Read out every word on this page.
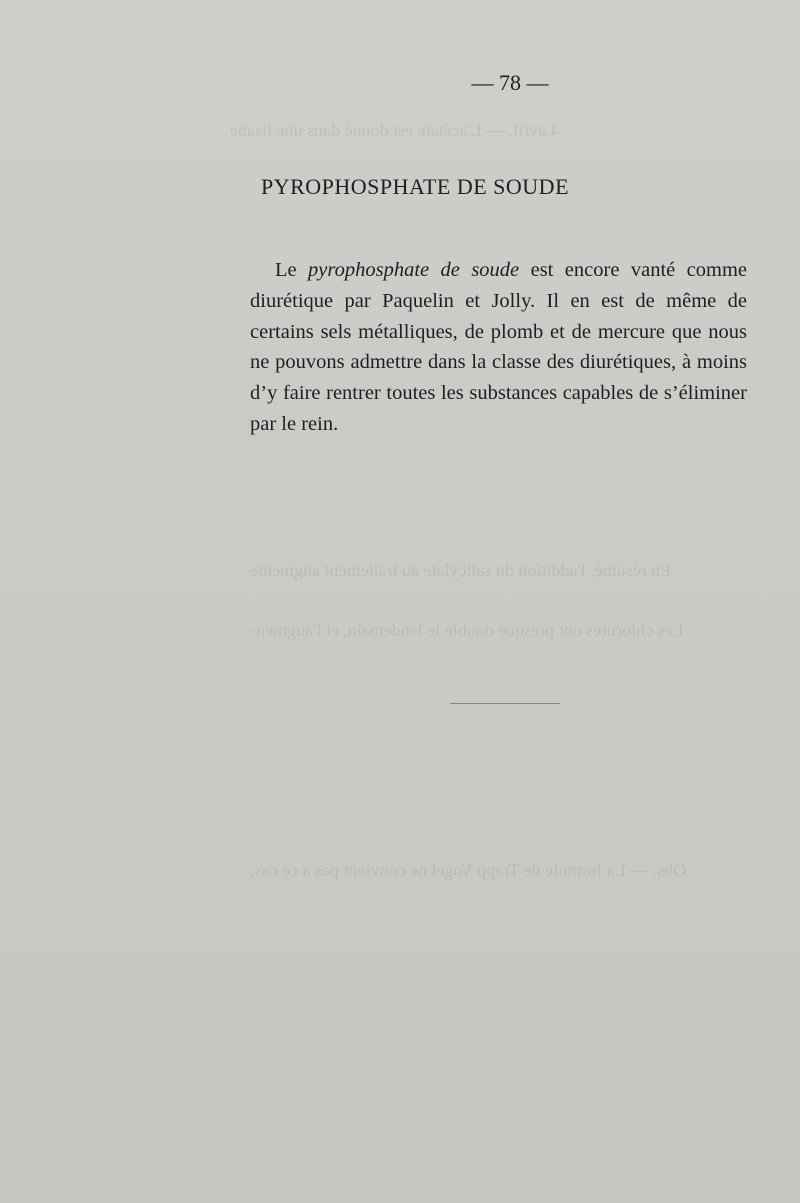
4 avril. — L'acétate est donné dans une tisane
En résumé, l'addition du salicylate au traitement augmente
Les chlorures ont presque doublé le lendemain, et l'augmen-
Obs. — La formule de Trapp Vogel ne convient pas à ce cas,
— 78 —
PYROPHOSPHATE DE SOUDE

Le pyrophosphate de soude est encore vanté comme diurétique par Paquelin et Jolly. Il en est de même de certains sels métalliques, de plomb et de mercure que nous ne pouvons admettre dans la classe des diurétiques, à moins d’y faire rentrer toutes les substances capables de s’éliminer par le rein.
